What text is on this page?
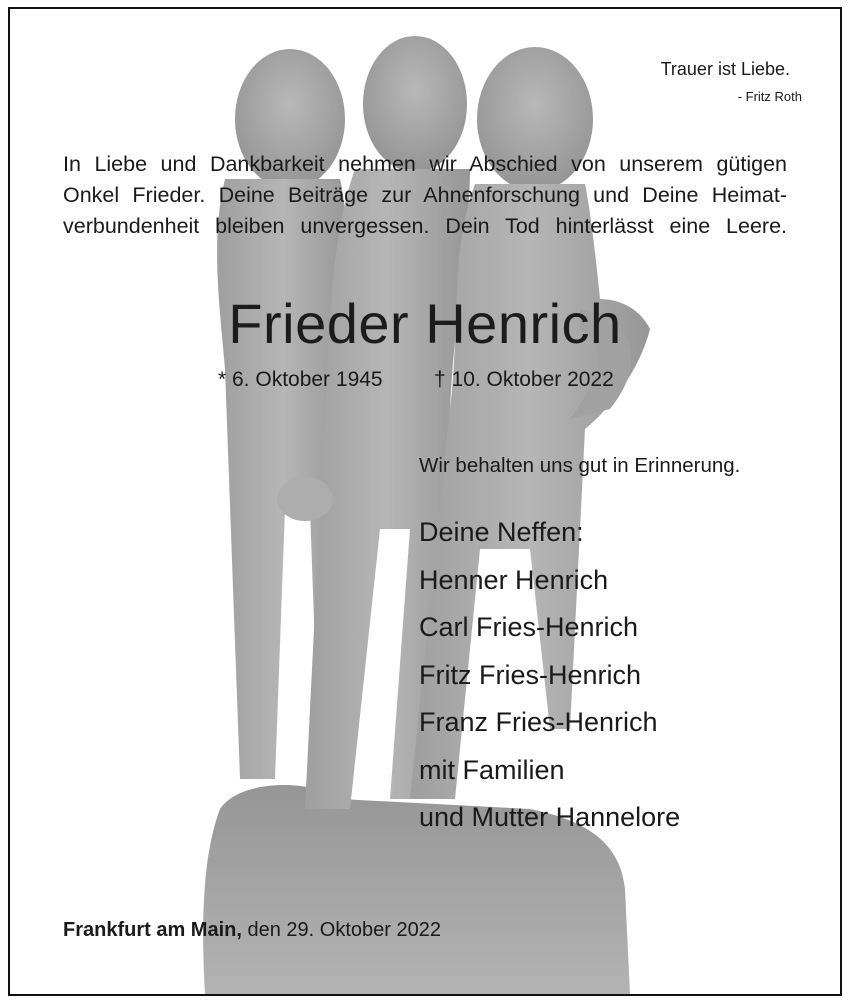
Trauer ist Liebe.

- Fritz Roth

In Liebe und Dankbarkeit nehmen wir Abschied von unserem gütigen
Onkel Frieder. Deine Beiträge zur Ahnenforschung und Deine Heimat-
verbundenheit bleiben unvergessen. Dein Tod hinterlässt eine Leere.
Frieder Henrich

* 6. Oktober 1945 † 10. Oktober 2022

Wir behalten uns gut in Erinnerung.

Deine Neffen:
Henner Henrich
Carl Fries-Henrich
Fritz Fries-Henrich
Franz Fries-Henrich
mit Familien
und Mutter Hannelore

Frankfurt am Main, den 29. Oktober 2022
